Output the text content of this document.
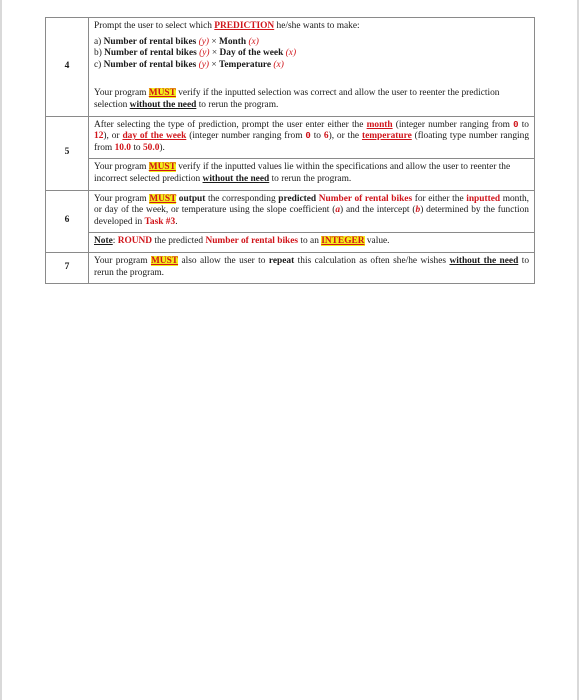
4	Prompt the user to select which PREDICTION he/she wants to make:

a) Number of rental bikes (y) × Month (x)

b) Number of rental bikes (y) × Day of the week (x)

c) Number of rental bikes (y) × Temperature (x)

Your program MUST verify if the inputted selection was correct and allow the user to reenter the prediction selection without the need to rerun the program.

5	After selecting the type of prediction, prompt the user enter either the month (integer number ranging from 0 to 12), or day of the week (integer number ranging from 0 to 6), or the temperature (floating type number ranging from 10.0 to 50.0).

Your program MUST verify if the inputted values lie within the specifications and allow the user to reenter the incorrect selected prediction without the need to rerun the program.

6	Your program MUST output the corresponding predicted Number of rental bikes for either the inputted month, or day of the week, or temperature using the slope coefficient (a) and the intercept (b) determined by the function developed in Task #3.

Note: ROUND the predicted Number of rental bikes to an INTEGER value.

7	Your program MUST also allow the user to repeat this calculation as often she/he wishes without the need to rerun the program.
